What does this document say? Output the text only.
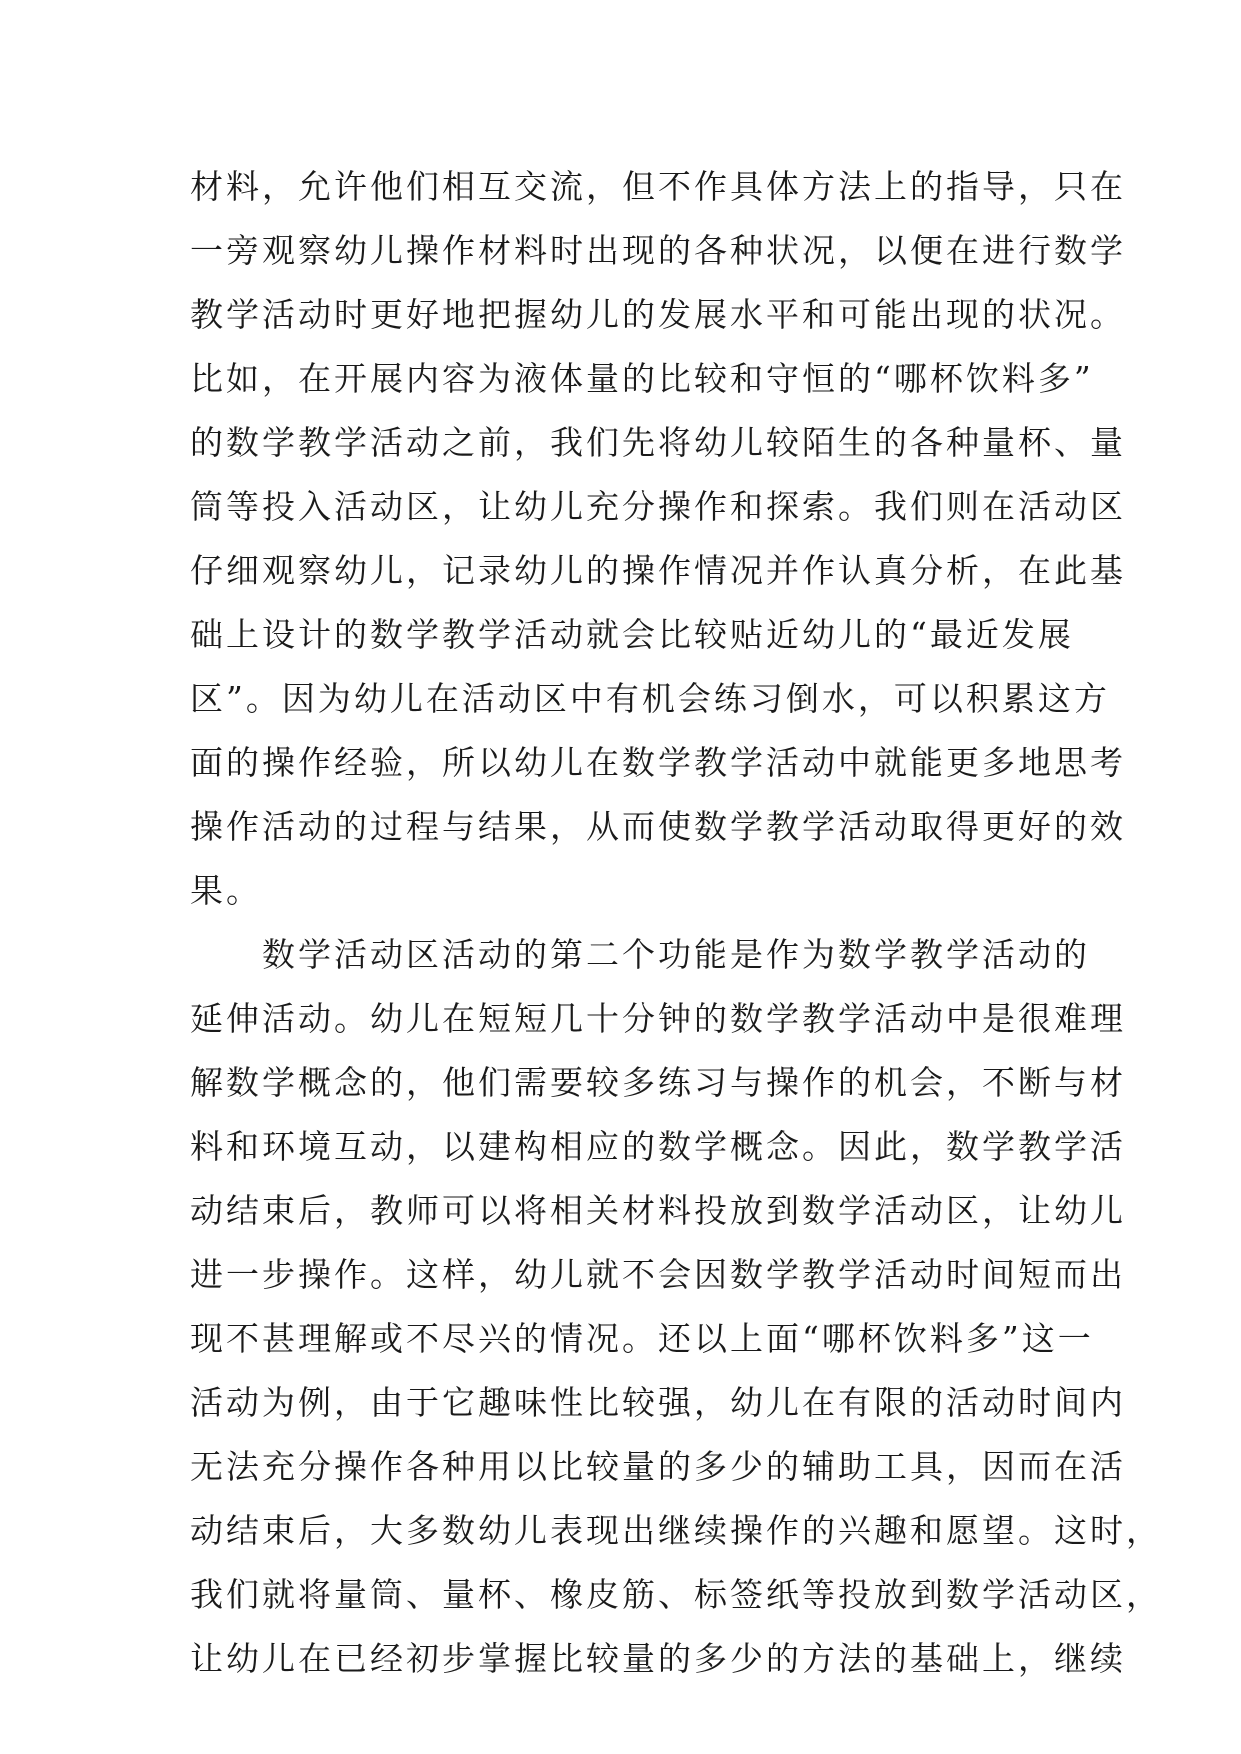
材料，允许他们相互交流，但不作具体方法上的指导，只在
一旁观察幼儿操作材料时出现的各种状况，以便在进行数学
教学活动时更好地把握幼儿的发展水平和可能出现的状况。
比如，在开展内容为液体量的比较和守恒的“哪杯饮料多”
的数学教学活动之前，我们先将幼儿较陌生的各种量杯、量
筒等投入活动区，让幼儿充分操作和探索。我们则在活动区
仔细观察幼儿，记录幼儿的操作情况并作认真分析，在此基
础上设计的数学教学活动就会比较贴近幼儿的“最近发展
区”。因为幼儿在活动区中有机会练习倒水，可以积累这方
面的操作经验，所以幼儿在数学教学活动中就能更多地思考
操作活动的过程与结果，从而使数学教学活动取得更好的效
果。
数学活动区活动的第二个功能是作为数学教学活动的
延伸活动。幼儿在短短几十分钟的数学教学活动中是很难理
解数学概念的，他们需要较多练习与操作的机会，不断与材
料和环境互动，以建构相应的数学概念。因此，数学教学活
动结束后，教师可以将相关材料投放到数学活动区，让幼儿
进一步操作。这样，幼儿就不会因数学教学活动时间短而出
现不甚理解或不尽兴的情况。还以上面“哪杯饮料多”这一
活动为例，由于它趣味性比较强，幼儿在有限的活动时间内
无法充分操作各种用以比较量的多少的辅助工具，因而在活
动结束后，大多数幼儿表现出继续操作的兴趣和愿望。这时，
我们就将量筒、量杯、橡皮筋、标签纸等投放到数学活动区，
让幼儿在已经初步掌握比较量的多少的方法的基础上，继续
